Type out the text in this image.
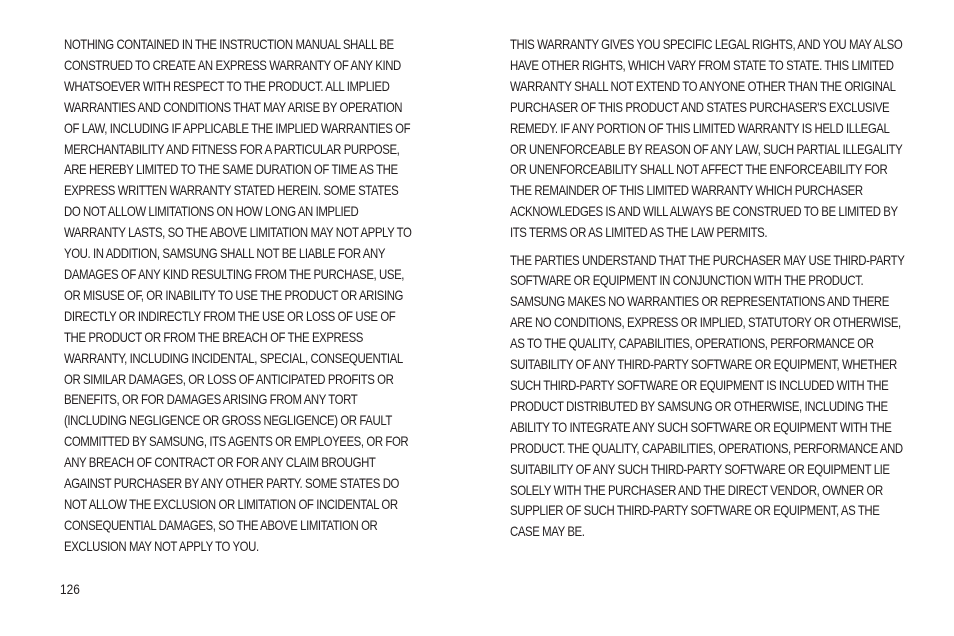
NOTHING CONTAINED IN THE INSTRUCTION MANUAL SHALL BE CONSTRUED TO CREATE AN EXPRESS WARRANTY OF ANY KIND WHATSOEVER WITH RESPECT TO THE PRODUCT. ALL IMPLIED WARRANTIES AND CONDITIONS THAT MAY ARISE BY OPERATION OF LAW, INCLUDING IF APPLICABLE THE IMPLIED WARRANTIES OF MERCHANTABILITY AND FITNESS FOR A PARTICULAR PURPOSE, ARE HEREBY LIMITED TO THE SAME DURATION OF TIME AS THE EXPRESS WRITTEN WARRANTY STATED HEREIN. SOME STATES DO NOT ALLOW LIMITATIONS ON HOW LONG AN IMPLIED WARRANTY LASTS, SO THE ABOVE LIMITATION MAY NOT APPLY TO YOU. IN ADDITION, SAMSUNG SHALL NOT BE LIABLE FOR ANY DAMAGES OF ANY KIND RESULTING FROM THE PURCHASE, USE, OR MISUSE OF, OR INABILITY TO USE THE PRODUCT OR ARISING DIRECTLY OR INDIRECTLY FROM THE USE OR LOSS OF USE OF THE PRODUCT OR FROM THE BREACH OF THE EXPRESS WARRANTY, INCLUDING INCIDENTAL, SPECIAL, CONSEQUENTIAL OR SIMILAR DAMAGES, OR LOSS OF ANTICIPATED PROFITS OR BENEFITS, OR FOR DAMAGES ARISING FROM ANY TORT (INCLUDING NEGLIGENCE OR GROSS NEGLIGENCE) OR FAULT COMMITTED BY SAMSUNG, ITS AGENTS OR EMPLOYEES, OR FOR ANY BREACH OF CONTRACT OR FOR ANY CLAIM BROUGHT AGAINST PURCHASER BY ANY OTHER PARTY. SOME STATES DO NOT ALLOW THE EXCLUSION OR LIMITATION OF INCIDENTAL OR CONSEQUENTIAL DAMAGES, SO THE ABOVE LIMITATION OR EXCLUSION MAY NOT APPLY TO YOU.

THIS WARRANTY GIVES YOU SPECIFIC LEGAL RIGHTS, AND YOU MAY ALSO HAVE OTHER RIGHTS, WHICH VARY FROM STATE TO STATE. THIS LIMITED WARRANTY SHALL NOT EXTEND TO ANYONE OTHER THAN THE ORIGINAL PURCHASER OF THIS PRODUCT AND STATES PURCHASER'S EXCLUSIVE REMEDY. IF ANY PORTION OF THIS LIMITED WARRANTY IS HELD ILLEGAL OR UNENFORCEABLE BY REASON OF ANY LAW, SUCH PARTIAL ILLEGALITY OR UNENFORCEABILITY SHALL NOT AFFECT THE ENFORCEABILITY FOR THE REMAINDER OF THIS LIMITED WARRANTY WHICH PURCHASER ACKNOWLEDGES IS AND WILL ALWAYS BE CONSTRUED TO BE LIMITED BY ITS TERMS OR AS LIMITED AS THE LAW PERMITS.

THE PARTIES UNDERSTAND THAT THE PURCHASER MAY USE THIRD-PARTY SOFTWARE OR EQUIPMENT IN CONJUNCTION WITH THE PRODUCT. SAMSUNG MAKES NO WARRANTIES OR REPRESENTATIONS AND THERE ARE NO CONDITIONS, EXPRESS OR IMPLIED, STATUTORY OR OTHERWISE, AS TO THE QUALITY, CAPABILITIES, OPERATIONS, PERFORMANCE OR SUITABILITY OF ANY THIRD-PARTY SOFTWARE OR EQUIPMENT, WHETHER SUCH THIRD-PARTY SOFTWARE OR EQUIPMENT IS INCLUDED WITH THE PRODUCT DISTRIBUTED BY SAMSUNG OR OTHERWISE, INCLUDING THE ABILITY TO INTEGRATE ANY SUCH SOFTWARE OR EQUIPMENT WITH THE PRODUCT. THE QUALITY, CAPABILITIES, OPERATIONS, PERFORMANCE AND SUITABILITY OF ANY SUCH THIRD-PARTY SOFTWARE OR EQUIPMENT LIE SOLELY WITH THE PURCHASER AND THE DIRECT VENDOR, OWNER OR SUPPLIER OF SUCH THIRD-PARTY SOFTWARE OR EQUIPMENT, AS THE CASE MAY BE.

126
